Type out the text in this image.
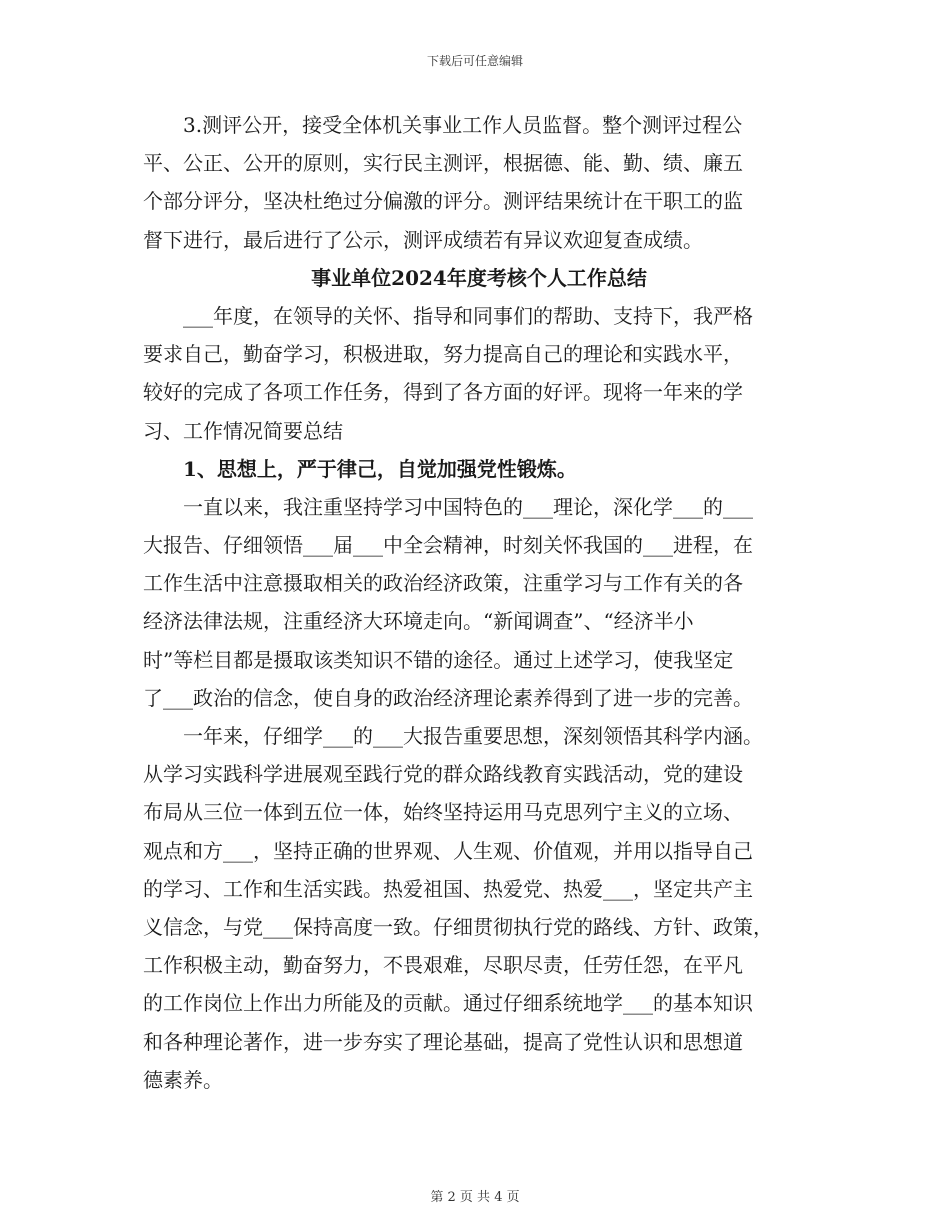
下载后可任意编辑
3.测评公开，接受全体机关事业工作人员监督。整个测评过程公
平、公正、公开的原则，实行民主测评，根据德、能、勤、绩、廉五
个部分评分，坚决杜绝过分偏激的评分。测评结果统计在干职工的监
督下进行，最后进行了公示，测评成绩若有异议欢迎复查成绩。
事业单位2024年度考核个人工作总结
___年度，在领导的关怀、指导和同事们的帮助、支持下，我严格
要求自己，勤奋学习，积极进取，努力提高自己的理论和实践水平，
较好的完成了各项工作任务，得到了各方面的好评。现将一年来的学
习、工作情况简要总结
1、思想上，严于律己，自觉加强党性锻炼。
一直以来，我注重坚持学习中国特色的___理论，深化学___的___
大报告、仔细领悟___届___中全会精神，时刻关怀我国的___进程，在
工作生活中注意摄取相关的政治经济政策，注重学习与工作有关的各
经济法律法规，注重经济大环境走向。“新闻调查”、“经济半小
时”等栏目都是摄取该类知识不错的途径。通过上述学习，使我坚定
了___政治的信念，使自身的政治经济理论素养得到了进一步的完善。
一年来，仔细学___的___大报告重要思想，深刻领悟其科学内涵。
从学习实践科学进展观至践行党的群众路线教育实践活动，党的建设
布局从三位一体到五位一体，始终坚持运用马克思列宁主义的立场、
观点和方___，坚持正确的世界观、人生观、价值观，并用以指导自己
的学习、工作和生活实践。热爱祖国、热爱党、热爱___，坚定共产主
义信念，与党___保持高度一致。仔细贯彻执行党的路线、方针、政策，
工作积极主动，勤奋努力，不畏艰难，尽职尽责，任劳任怨，在平凡
的工作岗位上作出力所能及的贡献。通过仔细系统地学___的基本知识
和各种理论著作，进一步夯实了理论基础，提高了党性认识和思想道
德素养。
第 2 页 共 4 页
